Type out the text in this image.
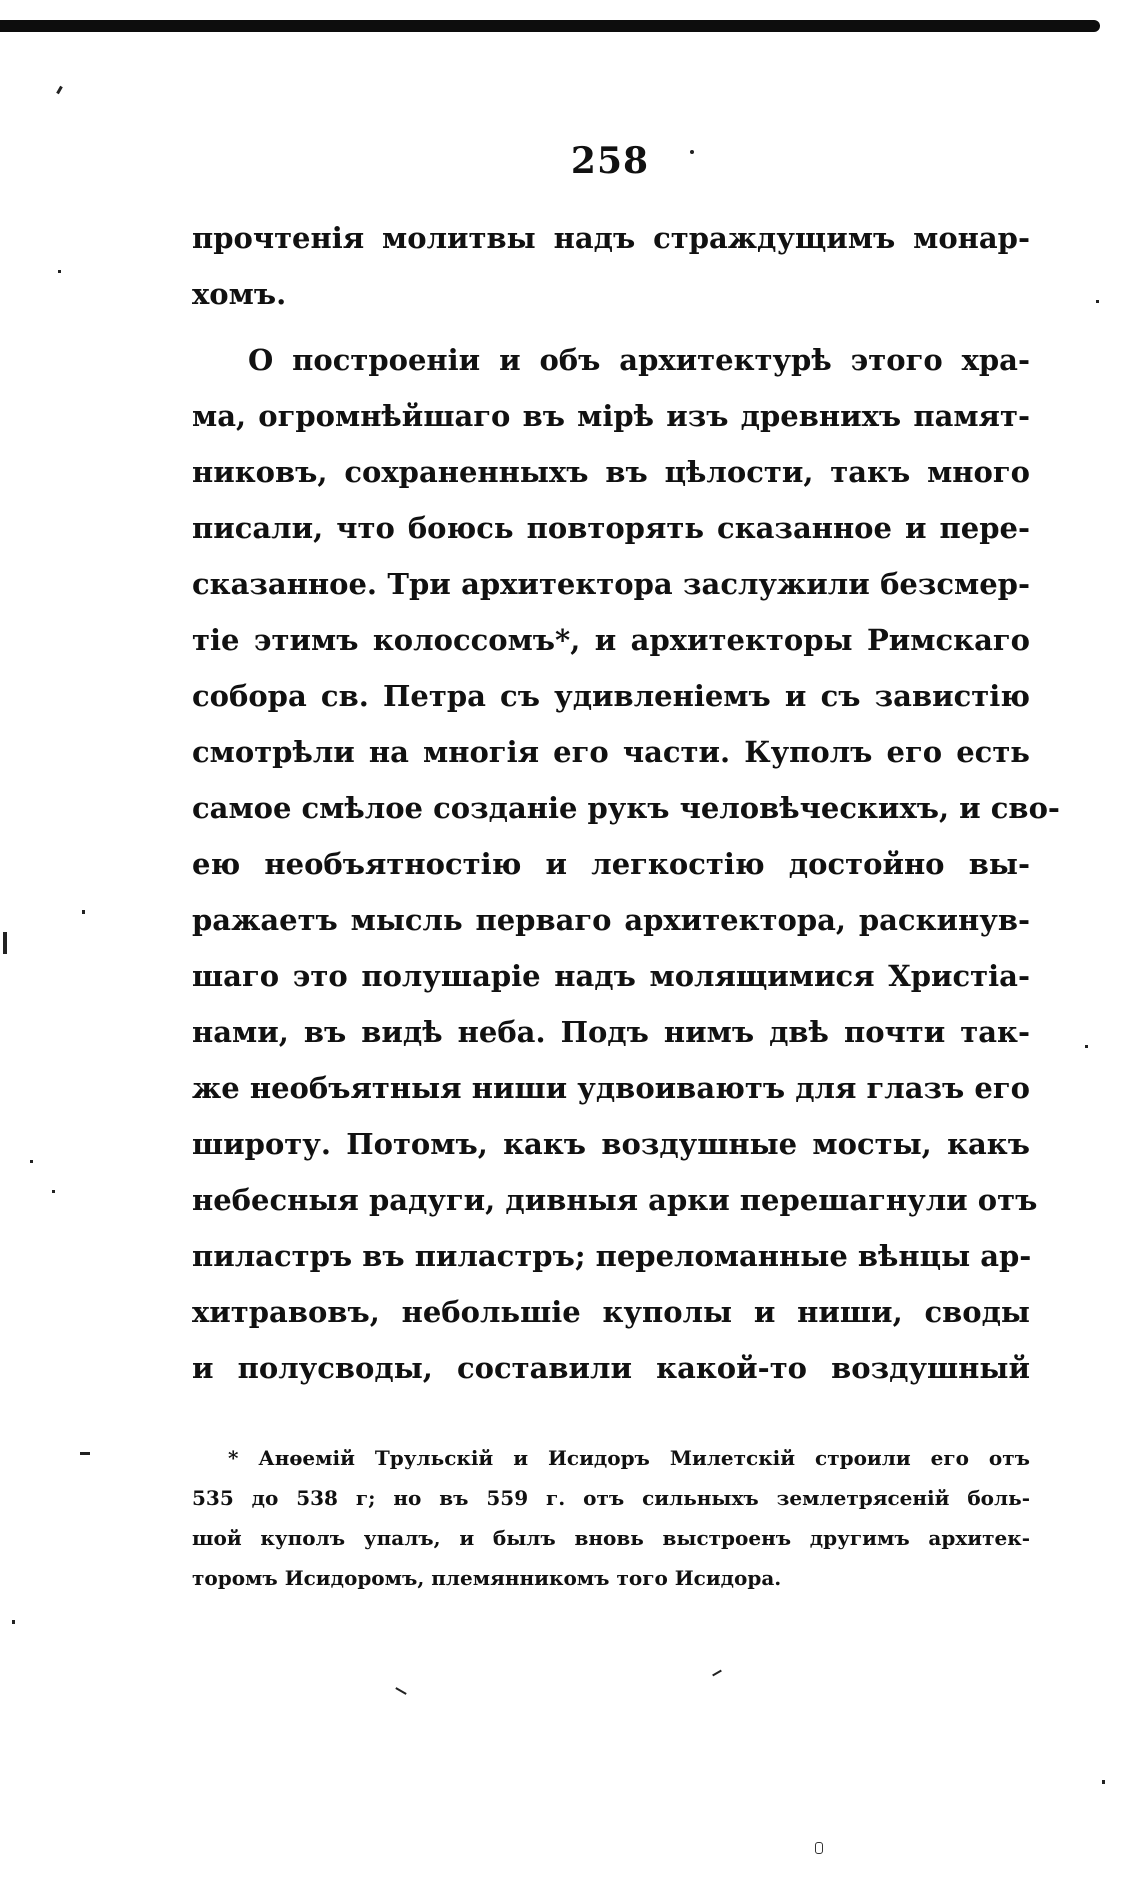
258
прочтенія молитвы надъ страждущимъ монар-
хомъ.
О построеніи и объ архитектурѣ этого хра-
ма, огромнѣйшаго въ мірѣ изъ древнихъ памят-
никовъ, сохраненныхъ въ цѣлости, такъ много
писали, что боюсь повторять сказанное и пере-
сказанное. Три архитектора заслужили безсмер-
тіе этимъ колоссомъ*, и архитекторы Римскаго
собора св. Петра съ удивленіемъ и съ завистію
смотрѣли на многія его части. Куполъ его есть
самое смѣлое созданіе рукъ человѣческихъ, и сво-
ею необъятностію и легкостію достойно вы-
ражаетъ мысль перваго архитектора, раскинув-
шаго это полушаріе надъ молящимися Христіа-
нами, въ видѣ неба. Подъ нимъ двѣ почти так-
же необъятныя ниши удвоиваютъ для глазъ его
широту. Потомъ, какъ воздушные мосты, какъ
небесныя радуги, дивныя арки перешагнули отъ
пиластръ въ пиластръ; переломанные вѣнцы ар-
хитравовъ, небольшіе куполы и ниши, своды
и полусводы, составили какой-то воздушный
* Анѳемій Трульскій и Исидоръ Милетскій строили его отъ
535 до 538 г; но въ 559 г. отъ сильныхъ землетрясеній боль-
шой куполъ упалъ, и былъ вновь выстроенъ другимъ архитек-
торомъ Исидоромъ, племянникомъ того Исидора.
